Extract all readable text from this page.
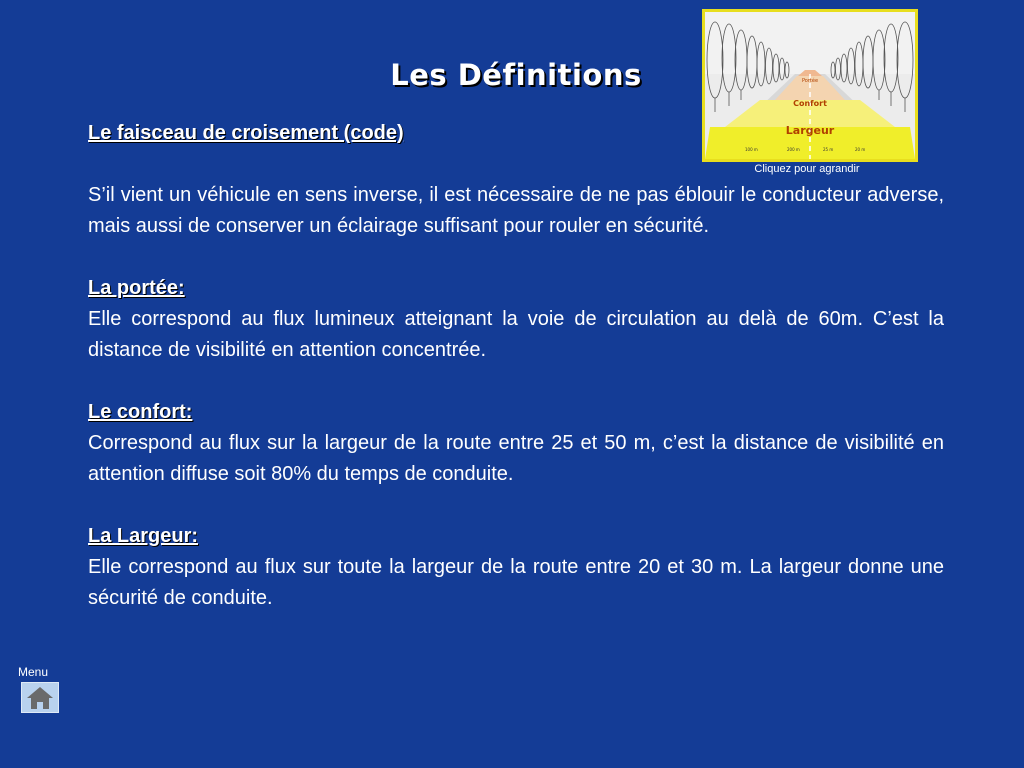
Les Définitions	Portée
Confort
Largeur
100 m	200 m	25 m	20 m
Cliquez pour agrandir
Le faisceau de croisement (code)
S’il vient un véhicule en sens inverse, il est nécessaire de ne pas éblouir le conducteur adverse, mais aussi de conserver un éclairage suffisant pour rouler en sécurité.
La portée:
Elle correspond au flux lumineux atteignant la voie de circulation au delà de 60m. C’est la distance de visibilité en attention concentrée.
Le confort:
Correspond au flux sur la largeur de la route entre 25 et 50 m, c’est la distance de visibilité en attention diffuse soit 80% du temps de conduite.
La Largeur:
Elle correspond au flux sur toute la largeur de la route entre 20 et 30 m. La largeur donne une sécurité de conduite.
Menu
